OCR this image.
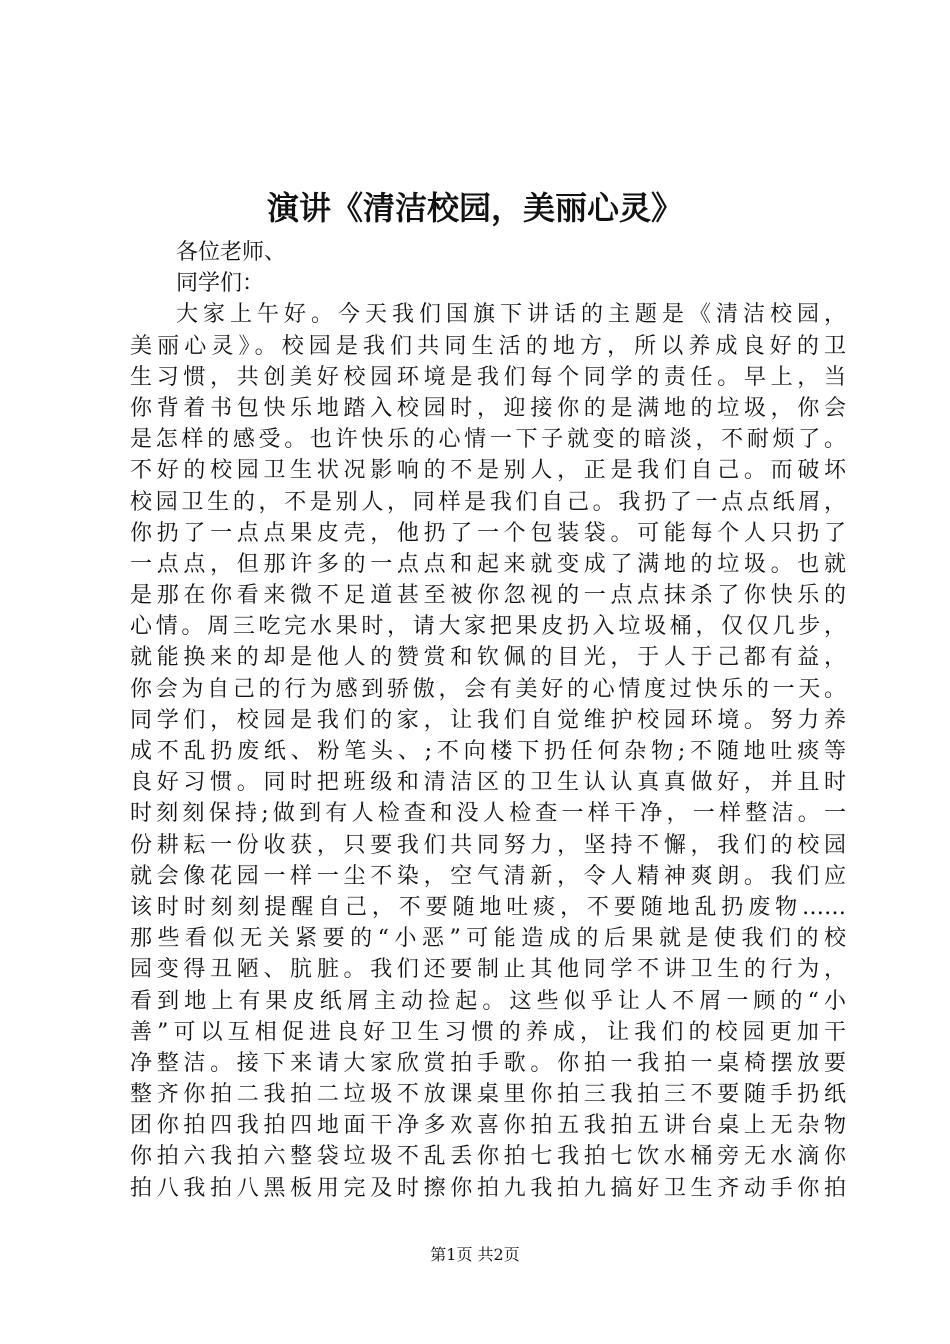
演讲《清洁校园，美丽心灵》
各位老师、
同学们：
大家上午好。今天我们国旗下讲话的主题是《清洁校园，
美丽心灵》。校园是我们共同生活的地方，所以养成良好的卫
生习惯，共创美好校园环境是我们每个同学的责任。早上，当
你背着书包快乐地踏入校园时，迎接你的是满地的垃圾，你会
是怎样的感受。也许快乐的心情一下子就变的暗淡，不耐烦了。
不好的校园卫生状况影响的不是别人，正是我们自己。而破坏
校园卫生的，不是别人，同样是我们自己。我扔了一点点纸屑，
你扔了一点点果皮壳，他扔了一个包装袋。可能每个人只扔了
一点点，但那许多的一点点和起来就变成了满地的垃圾。也就
是那在你看来微不足道甚至被你忽视的一点点抹杀了你快乐的
心情。周三吃完水果时，请大家把果皮扔入垃圾桶，仅仅几步，
就能换来的却是他人的赞赏和钦佩的目光，于人于己都有益，
你会为自己的行为感到骄傲，会有美好的心情度过快乐的一天。
同学们，校园是我们的家，让我们自觉维护校园环境。努力养
成不乱扔废纸、粉笔头、;不向楼下扔任何杂物;不随地吐痰等
良好习惯。同时把班级和清洁区的卫生认认真真做好，并且时
时刻刻保持;做到有人检查和没人检查一样干净，一样整洁。一
份耕耘一份收获，只要我们共同努力，坚持不懈，我们的校园
就会像花园一样一尘不染，空气清新，令人精神爽朗。我们应
该时时刻刻提醒自己，不要随地吐痰，不要随地乱扔废物……
那些看似无关紧要的“小恶”可能造成的后果就是使我们的校
园变得丑陋、肮脏。我们还要制止其他同学不讲卫生的行为，
看到地上有果皮纸屑主动捡起。这些似乎让人不屑一顾的“小
善”可以互相促进良好卫生习惯的养成，让我们的校园更加干
净整洁。接下来请大家欣赏拍手歌。你拍一我拍一桌椅摆放要
整齐你拍二我拍二垃圾不放课桌里你拍三我拍三不要随手扔纸
团你拍四我拍四地面干净多欢喜你拍五我拍五讲台桌上无杂物
你拍六我拍六整袋垃圾不乱丢你拍七我拍七饮水桶旁无水滴你
拍八我拍八黑板用完及时擦你拍九我拍九搞好卫生齐动手你拍
第1页 共2页
